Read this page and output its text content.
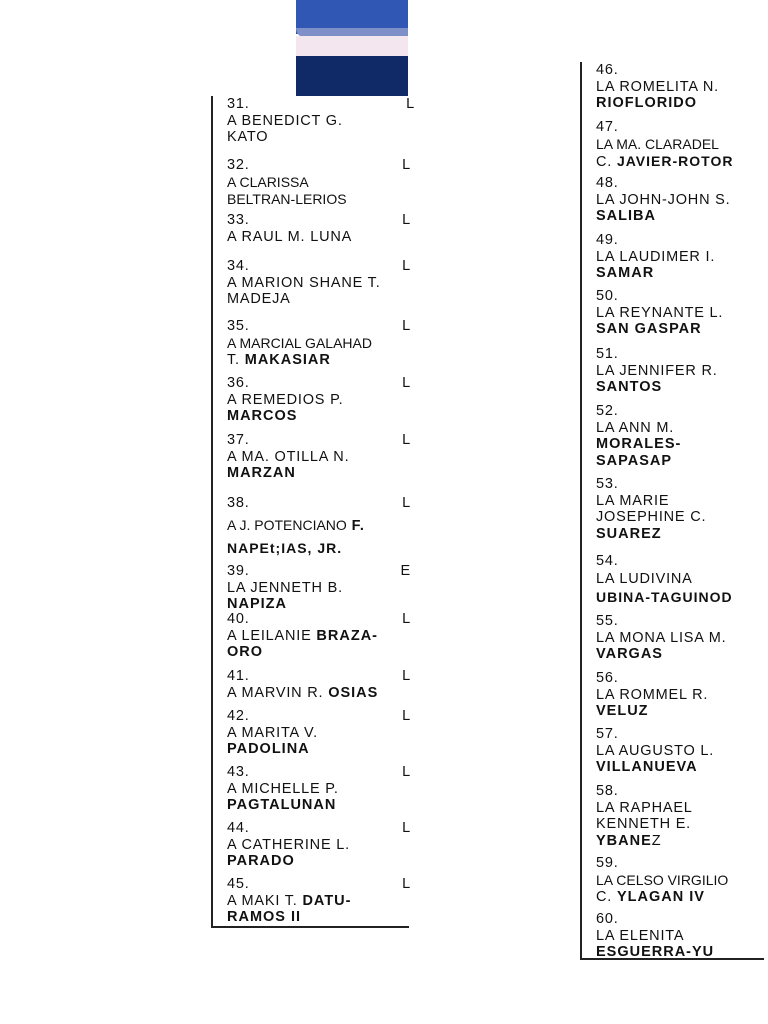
31.	L

A BENEDICT G.
KATO
32.	L

A CLARISSA
BELTRAN-LERIOS
33.	L

A RAUL M. LUNA
34.	L

A MARION SHANE T.
MADEJA
35.	L

A MARCIAL GALAHAD
T. MAKASIAR
36.	L

A REMEDIOS P.
MARCOS
37.	L

A MA. OTILLA N.
MARZAN
38.	L

A J. POTENCIANO F.
NAPEt;IAS, JR.
39.	E

LA JENNETH B.
NAPIZA
40.	L

A LEILANIE BRAZA-
ORO
41.	L

A MARVIN R. OSIAS
42.	L

A MARITA V.
PADOLINA
43.	L

A MICHELLE P.
PAGTALUNAN
44.	L

A CATHERINE L.
PARADO
45.	L

A MAKI T. DATU-
RAMOS II
46.
LA ROMELITA N.
RIOFLORIDO
47.
LA MA. CLARADEL
C. JAVIER-ROTOR
48.
LA JOHN-JOHN S.
SALIBA
49.
LA LAUDIMER I.
SAMAR
50.
LA REYNANTE L.
SAN GASPAR
51.
LA JENNIFER R.
SANTOS
52.
LA ANN M.
MORALES-
SAPASAP
53.
LA MARIE
JOSEPHINE C.
SUAREZ
54.
LA LUDIVINA
UBINA-TAGUINOD
55.
LA MONA LISA M.
VARGAS
56.
LA ROMMEL R.
VELUZ
57.
LA AUGUSTO L.
VILLANUEVA
58.
LA RAPHAEL
KENNETH E.
YBANEZ
59.
LA CELSO VIRGILIO
C. YLAGAN IV
60.
LA ELENITA
ESGUERRA-YU
